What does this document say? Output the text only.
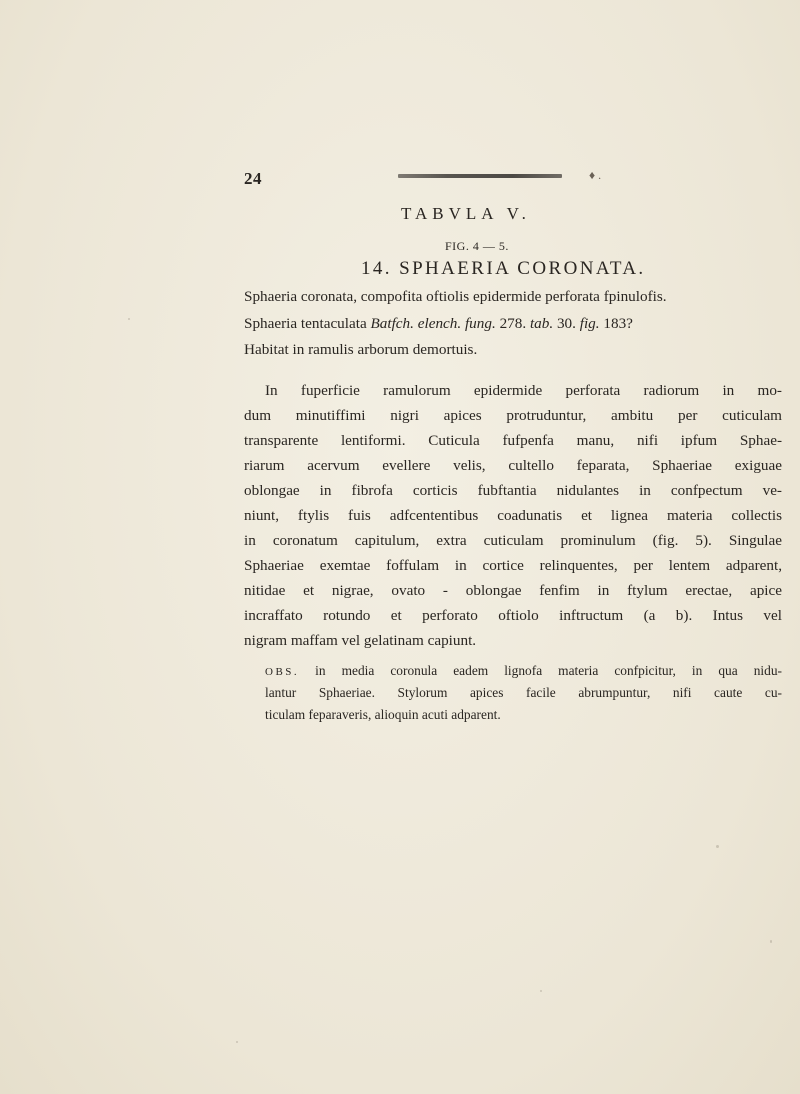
24	♦ .
TABVLA V.
FIG. 4 — 5.
14. SPHAERIA CORONATA.
Sphaeria coronata, compofita oftiolis epidermide perforata fpinulofis.
Sphaeria tentaculata Batfch. elench. fung. 278. tab. 30. fig. 183?
Habitat in ramulis arborum demortuis.
In fuperficie ramulorum epidermide perforata radiorum in mo-
dum minutiffimi nigri apices protruduntur, ambitu per cuticulam
transparente lentiformi. Cuticula fufpenfa manu, nifi ipfum Sphae-
riarum acervum evellere velis, cultello feparata, Sphaeriae exiguae
oblongae in fibrofa corticis fubftantia nidulantes in confpectum ve-
niunt, ftylis fuis adfcententibus coadunatis et lignea materia collectis
in coronatum capitulum, extra cuticulam prominulum (fig. 5). Singulae
Sphaeriae exemtae foffulam in cortice relinquentes, per lentem adparent,
nitidae et nigrae, ovato - oblongae fenfim in ftylum erectae, apice
incraffato rotundo et perforato oftiolo inftructum (a b). Intus vel
nigram maffam vel gelatinam capiunt.
OBS. in media coronula eadem lignofa materia confpicitur, in qua nidu-
lantur Sphaeriae. Stylorum apices facile abrumpuntur, nifi caute cu-
ticulam feparaveris, alioquin acuti adparent.
